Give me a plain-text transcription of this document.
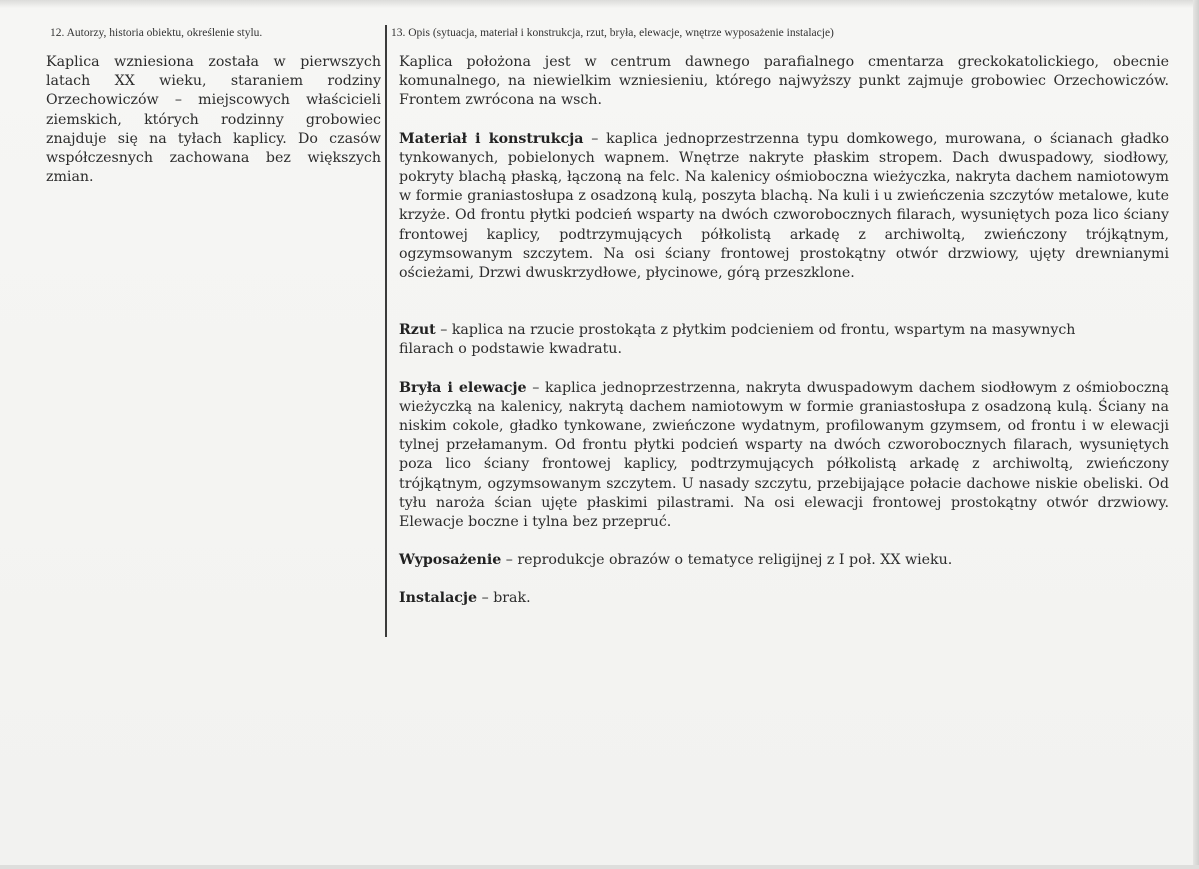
12. Autorzy, historia obiektu, określenie stylu.

Kaplica wzniesiona została w pierwszych latach XX wieku, staraniem rodziny Orzechowiczów – miejscowych właścicieli ziemskich, których rodzinny grobowiec znajduje się na tyłach kaplicy. Do czasów współczesnych zachowana bez większych zmian.

13. Opis (sytuacja, materiał i konstrukcja, rzut, bryła, elewacje, wnętrze wyposażenie instalacje)

Kaplica położona jest w centrum dawnego parafialnego cmentarza greckokatolickiego, obecnie komunalnego, na niewielkim wzniesieniu, którego najwyższy punkt zajmuje grobowiec Orzechowiczów. Frontem zwrócona na wsch.

Materiał i konstrukcja – kaplica jednoprzestrzenna typu domkowego, murowana, o ścianach gładko tynkowanych, pobielonych wapnem. Wnętrze nakryte płaskim stropem. Dach dwuspadowy, siodłowy, pokryty blachą płaską, łączoną na felc. Na kalenicy ośmioboczna wieżyczka, nakryta dachem namiotowym w formie graniastosłupa z osadzoną kulą, poszyta blachą. Na kuli i u zwieńczenia szczytów metalowe, kute krzyże. Od frontu płytki podcień wsparty na dwóch czworobocznych filarach, wysuniętych poza lico ściany frontowej kaplicy, podtrzymujących półkolistą arkadę z archiwoltą, zwieńczony trójkątnym, ogzymsowanym szczytem. Na osi ściany frontowej prostokątny otwór drzwiowy, ujęty drewnianymi ościeżami, Drzwi dwuskrzydłowe, płycinowe, górą przeszklone.

Rzut – kaplica na rzucie prostokąta z płytkim podcieniem od frontu, wspartym na masywnych filarach o podstawie kwadratu.

Bryła i elewacje – kaplica jednoprzestrzenna, nakryta dwuspadowym dachem siodłowym z ośmioboczną wieżyczką na kalenicy, nakrytą dachem namiotowym w formie graniastosłupa z osadzoną kulą. Ściany na niskim cokole, gładko tynkowane, zwieńczone wydatnym, profilowanym gzymsem, od frontu i w elewacji tylnej przełamanym. Od frontu płytki podcień wsparty na dwóch czworobocznych filarach, wysuniętych poza lico ściany frontowej kaplicy, podtrzymujących półkolistą arkadę z archiwoltą, zwieńczony trójkątnym, ogzymsowanym szczytem. U nasady szczytu, przebijające połacie dachowe niskie obeliski. Od tyłu naroża ścian ujęte płaskimi pilastrami. Na osi elewacji frontowej prostokątny otwór drzwiowy. Elewacje boczne i tylna bez przepruć.

Wyposażenie – reprodukcje obrazów o tematyce religijnej z I poł. XX wieku.

Instalacje – brak.
